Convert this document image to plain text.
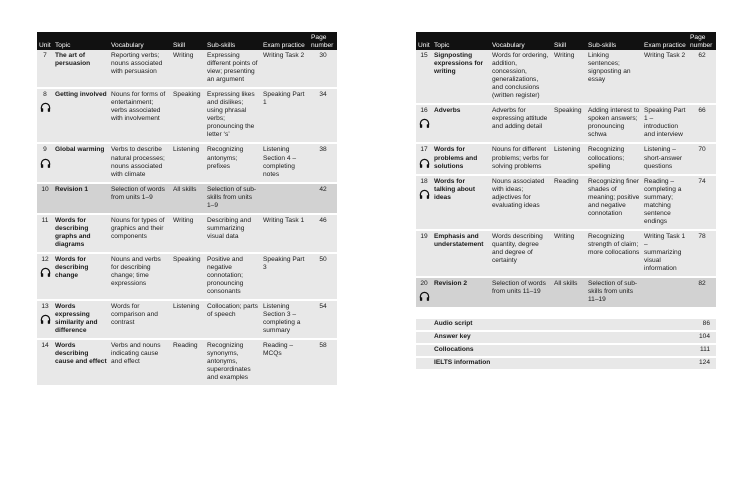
Unit	Topic	Vocabulary	Skill	Sub-skills	Exam practice	Page number
7	The art of persuasion	Reporting verbs; nouns associated with persuasion	Writing	Expressing different points of view; presenting an argument	Writing Task 2	30
8	Getting involved	Nouns for forms of entertainment; verbs associated with involvement	Speaking	Expressing likes and dislikes; using phrasal verbs; pronouncing the letter ‘s’	Speaking Part 1	34
9	Global warming	Verbs to describe natural processes; nouns associated with climate	Listening	Recognizing antonyms; prefixes	Listening Section 4 – completing notes	38
10	Revision 1	Selection of words from units 1–9	All skills	Selection of sub-skills from units 1–9		42
11	Words for describing graphs and diagrams	Nouns for types of graphics and their components	Writing	Describing and summarizing visual data	Writing Task 1	46
12	Words for describing change	Nouns and verbs for describing change; time expressions	Speaking	Positive and negative connotation; pronouncing consonants	Speaking Part 3	50
13	Words expressing similarity and difference	Words for comparison and contrast	Listening	Collocation; parts of speech	Listening Section 3 – completing a summary	54
14	Words describing cause and effect	Verbs and nouns indicating cause and effect	Reading	Recognizing synonyms, antonyms, superordinates and examples	Reading – MCQs	58
Unit	Topic	Vocabulary	Skill	Sub-skills	Exam practice	Page number
15	Signposting expressions for writing	Words for ordering, addition, concession, generalizations, and conclusions (written register)	Writing	Linking sentences; signposting an essay	Writing Task 2	62
16	Adverbs	Adverbs for expressing attitude and adding detail	Speaking	Adding interest to spoken answers; pronouncing schwa	Speaking Part 1 – introduction and interview	66
17	Words for problems and solutions	Nouns for different problems; verbs for solving problems	Listening	Recognizing collocations; spelling	Listening – short-answer questions	70
18	Words for talking about ideas	Nouns associated with ideas; adjectives for evaluating ideas	Reading	Recognizing finer shades of meaning; positive and negative connotation	Reading – completing a summary; matching sentence endings	74
19	Emphasis and understatement	Words describing quantity, degree and degree of certainty	Writing	Recognizing strength of claim; more collocations	Writing Task 1 – summarizing visual information	78
20	Revision 2	Selection of words from units 11–19	All skills	Selection of sub-skills from units 11–19		82

	Audio script					86
	Answer key					104
	Collocations					111
	IELTS information					124
